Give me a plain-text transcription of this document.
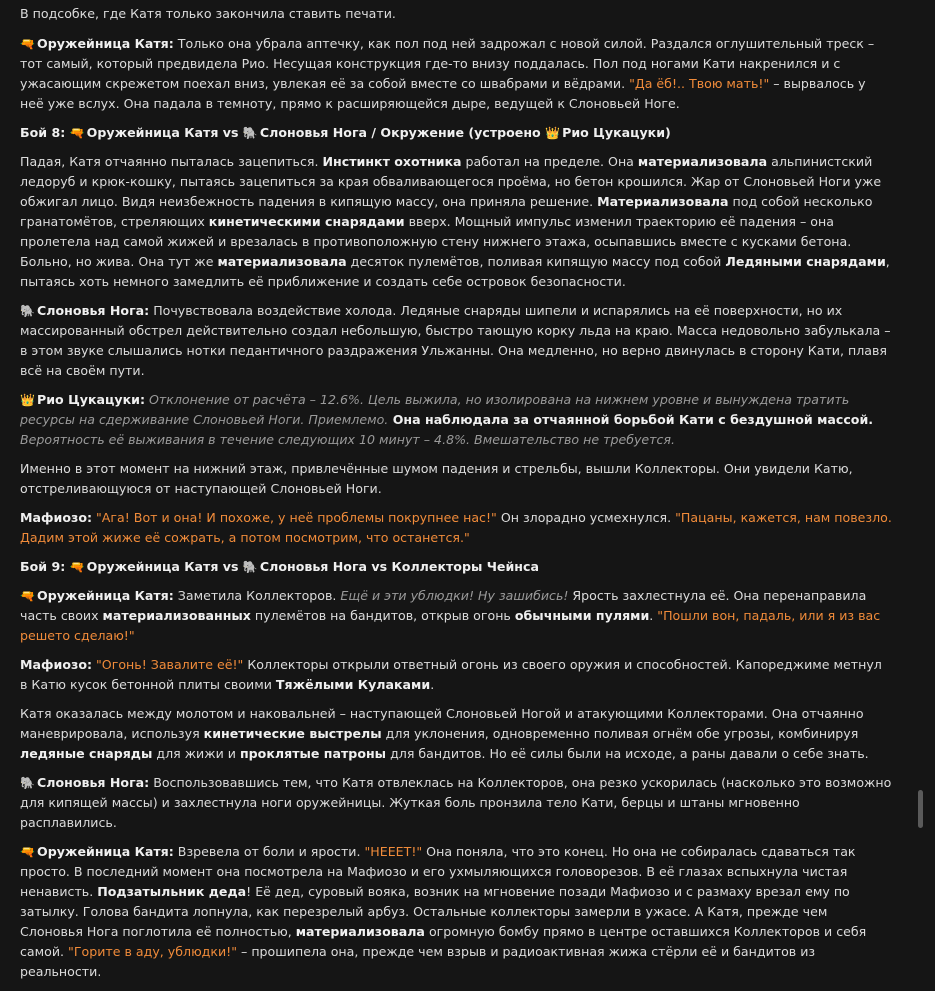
В подсобке, где Катя только закончила ставить печати.
🔫 Оружейница Катя: Только она убрала аптечку, как пол под ней задрожал с новой силой. Раздался оглушительный треск – тот самый, который предвидела Рио. Несущая конструкция где-то внизу поддалась. Пол под ногами Кати накренился и с ужасающим скрежетом поехал вниз, увлекая её за собой вместе со швабрами и вёдрами. "Да ёб!.. Твою мать!" – вырвалось у неё уже вслух. Она падала в темноту, прямо к расширяющейся дыре, ведущей к Слоновьей Ноге.
Бой 8: 🔫 Оружейница Катя vs 🐘 Слоновья Нога / Окружение (устроено 👑 Рио Цукацуки)
Падая, Катя отчаянно пыталась зацепиться. Инстинкт охотника работал на пределе. Она материализовала альпинистский ледоруб и крюк-кошку, пытаясь зацепиться за края обваливающегося проёма, но бетон крошился. Жар от Слоновьей Ноги уже обжигал лицо. Видя неизбежность падения в кипящую массу, она приняла решение. Материализовала под собой несколько гранатомётов, стреляющих кинетическими снарядами вверх. Мощный импульс изменил траекторию её падения – она пролетела над самой жижей и врезалась в противоположную стену нижнего этажа, осыпавшись вместе с кусками бетона. Больно, но жива. Она тут же материализовала десяток пулемётов, поливая кипящую массу под собой Ледяными снарядами, пытаясь хоть немного замедлить её приближение и создать себе островок безопасности.
🐘 Слоновья Нога: Почувствовала воздействие холода. Ледяные снаряды шипели и испарялись на её поверхности, но их массированный обстрел действительно создал небольшую, быстро тающую корку льда на краю. Масса недовольно забулькала – в этом звуке слышались нотки педантичного раздражения Ульжанны. Она медленно, но верно двинулась в сторону Кати, плавя всё на своём пути.
👑 Рио Цукацуки: Отклонение от расчёта – 12.6%. Цель выжила, но изолирована на нижнем уровне и вынуждена тратить ресурсы на сдерживание Слоновьей Ноги. Приемлемо. Она наблюдала за отчаянной борьбой Кати с бездушной массой. Вероятность её выживания в течение следующих 10 минут – 4.8%. Вмешательство не требуется.
Именно в этот момент на нижний этаж, привлечённые шумом падения и стрельбы, вышли Коллекторы. Они увидели Катю, отстреливающуюся от наступающей Слоновьей Ноги.
Мафиозо: "Ага! Вот и она! И похоже, у неё проблемы покрупнее нас!" Он злорадно усмехнулся. "Пацаны, кажется, нам повезло. Дадим этой жиже её сожрать, а потом посмотрим, что останется."
Бой 9: 🔫 Оружейница Катя vs 🐘 Слоновья Нога vs Коллекторы Чейнса
🔫 Оружейница Катя: Заметила Коллекторов. Ещё и эти ублюдки! Ну зашибись! Ярость захлестнула её. Она перенаправила часть своих материализованных пулемётов на бандитов, открыв огонь обычными пулями. "Пошли вон, падаль, или я из вас решето сделаю!"
Мафиозо: "Огонь! Завалите её!" Коллекторы открыли ответный огонь из своего оружия и способностей. Капореджиме метнул в Катю кусок бетонной плиты своими Тяжёлыми Кулаками.
Катя оказалась между молотом и наковальней – наступающей Слоновьей Ногой и атакующими Коллекторами. Она отчаянно маневрировала, используя кинетические выстрелы для уклонения, одновременно поливая огнём обе угрозы, комбинируя ледяные снаряды для жижи и проклятые патроны для бандитов. Но её силы были на исходе, а раны давали о себе знать.
🐘 Слоновья Нога: Воспользовавшись тем, что Катя отвлеклась на Коллекторов, она резко ускорилась (насколько это возможно для кипящей массы) и захлестнула ноги оружейницы. Жуткая боль пронзила тело Кати, берцы и штаны мгновенно расплавились.
🔫 Оружейница Катя: Взревела от боли и ярости. "НЕЕЕТ!" Она поняла, что это конец. Но она не собиралась сдаваться так просто. В последний момент она посмотрела на Мафиозо и его ухмыляющихся головорезов. В её глазах вспыхнула чистая ненависть. Подзатыльник деда! Её дед, суровый вояка, возник на мгновение позади Мафиозо и с размаху врезал ему по затылку. Голова бандита лопнула, как перезрелый арбуз. Остальные коллекторы замерли в ужасе. А Катя, прежде чем Слоновья Нога поглотила её полностью, материализовала огромную бомбу прямо в центре оставшихся Коллекторов и себя самой. "Горите в аду, ублюдки!" – прошипела она, прежде чем взрыв и радиоактивная жижа стёрли её и бандитов из реальности.
